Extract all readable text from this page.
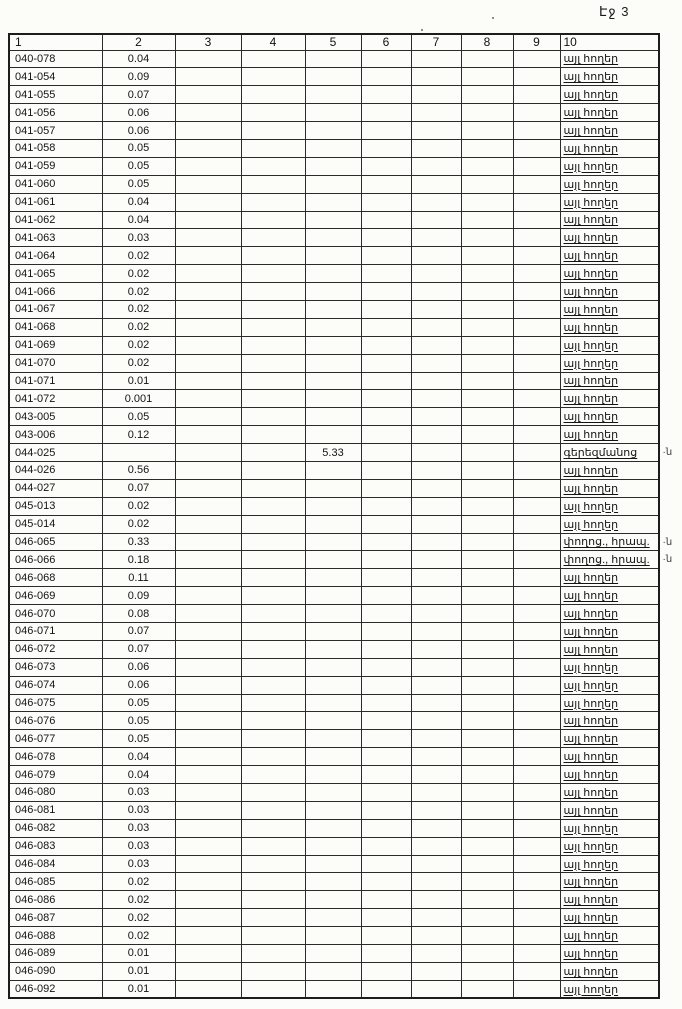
Էջ 3
1	2	3	4	5	6	7	8	9	10
040-078	0.04								այլ հողեր
041-054	0.09								այլ հողեր
041-055	0.07								այլ հողեր
041-056	0.06								այլ հողեր
041-057	0.06								այլ հողեր
041-058	0.05								այլ հողեր
041-059	0.05								այլ հողեր
041-060	0.05								այլ հողեր
041-061	0.04								այլ հողեր
041-062	0.04								այլ հողեր
041-063	0.03								այլ հողեր
041-064	0.02								այլ հողեր
041-065	0.02								այլ հողեր
041-066	0.02								այլ հողեր
041-067	0.02								այլ հողեր
041-068	0.02								այլ հողեր
041-069	0.02								այլ հողեր
041-070	0.02								այլ հողեր
041-071	0.01								այլ հողեր
041-072	0.001								այլ հողեր
043-005	0.05								այլ հողեր
043-006	0.12								այլ հողեր
044-025				5.33					գերեզմանոց ·ն

044-026	0.56								այլ հողեր
044-027	0.07								այլ հողեր
045-013	0.02								այլ հողեր
045-014	0.02								այլ հողեր
046-065	0.33								փողոց., հրապ. ·ն

046-066	0.18								փողոց., հրապ. ·ն

046-068	0.11								այլ հողեր
046-069	0.09								այլ հողեր
046-070	0.08								այլ հողեր
046-071	0.07								այլ հողեր
046-072	0.07								այլ հողեր
046-073	0.06								այլ հողեր
046-074	0.06								այլ հողեր
046-075	0.05								այլ հողեր
046-076	0.05								այլ հողեր
046-077	0.05								այլ հողեր
046-078	0.04								այլ հողեր
046-079	0.04								այլ հողեր
046-080	0.03								այլ հողեր
046-081	0.03								այլ հողեր
046-082	0.03								այլ հողեր
046-083	0.03								այլ հողեր
046-084	0.03								այլ հողեր
046-085	0.02								այլ հողեր
046-086	0.02								այլ հողեր
046-087	0.02								այլ հողեր
046-088	0.02								այլ հողեր
046-089	0.01								այլ հողեր
046-090	0.01								այլ հողեր
046-092	0.01								այլ հողեր
